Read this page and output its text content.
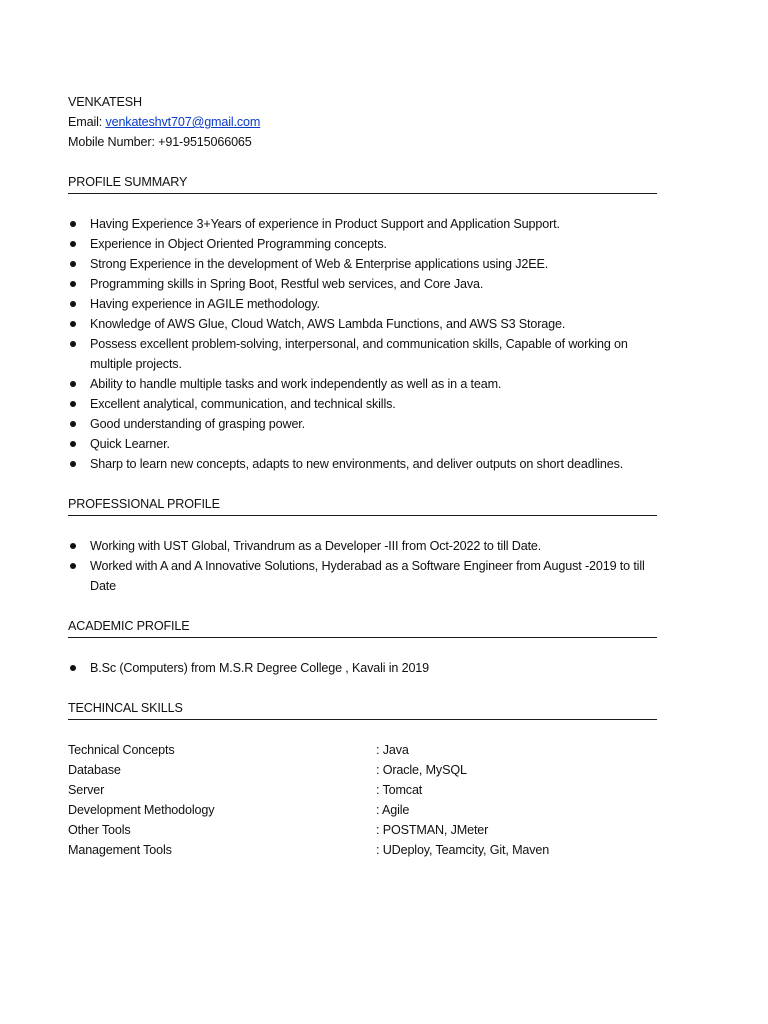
VENKATESH
Email: venkateshvt707@gmail.com
Mobile Number: +91-9515066065
PROFILE SUMMARY
Having Experience 3+Years of experience in Product Support and Application Support.
Experience in Object Oriented Programming concepts.
Strong Experience in the development of Web & Enterprise applications using J2EE.
Programming skills in Spring Boot, Restful web services, and Core Java.
Having experience in AGILE methodology.
Knowledge of AWS Glue, Cloud Watch, AWS Lambda Functions, and AWS S3 Storage.
Possess excellent problem-solving, interpersonal, and communication skills, Capable of working on multiple projects.
Ability to handle multiple tasks and work independently as well as in a team.
Excellent analytical, communication, and technical skills.
Good understanding of grasping power.
Quick Learner.
Sharp to learn new concepts, adapts to new environments, and deliver outputs on short deadlines.
PROFESSIONAL PROFILE
Working with UST Global, Trivandrum as a Developer -III from Oct-2022 to till Date.
Worked with A and A Innovative Solutions, Hyderabad as a Software Engineer from August -2019 to till Date
ACADEMIC PROFILE
B.Sc (Computers) from M.S.R Degree College , Kavali in 2019
TECHINCAL SKILLS
Technical Concepts	: Java
Database	: Oracle, MySQL
Server	: Tomcat
Development Methodology	: Agile
Other Tools	: POSTMAN, JMeter
Management Tools	: UDeploy, Teamcity, Git, Maven
